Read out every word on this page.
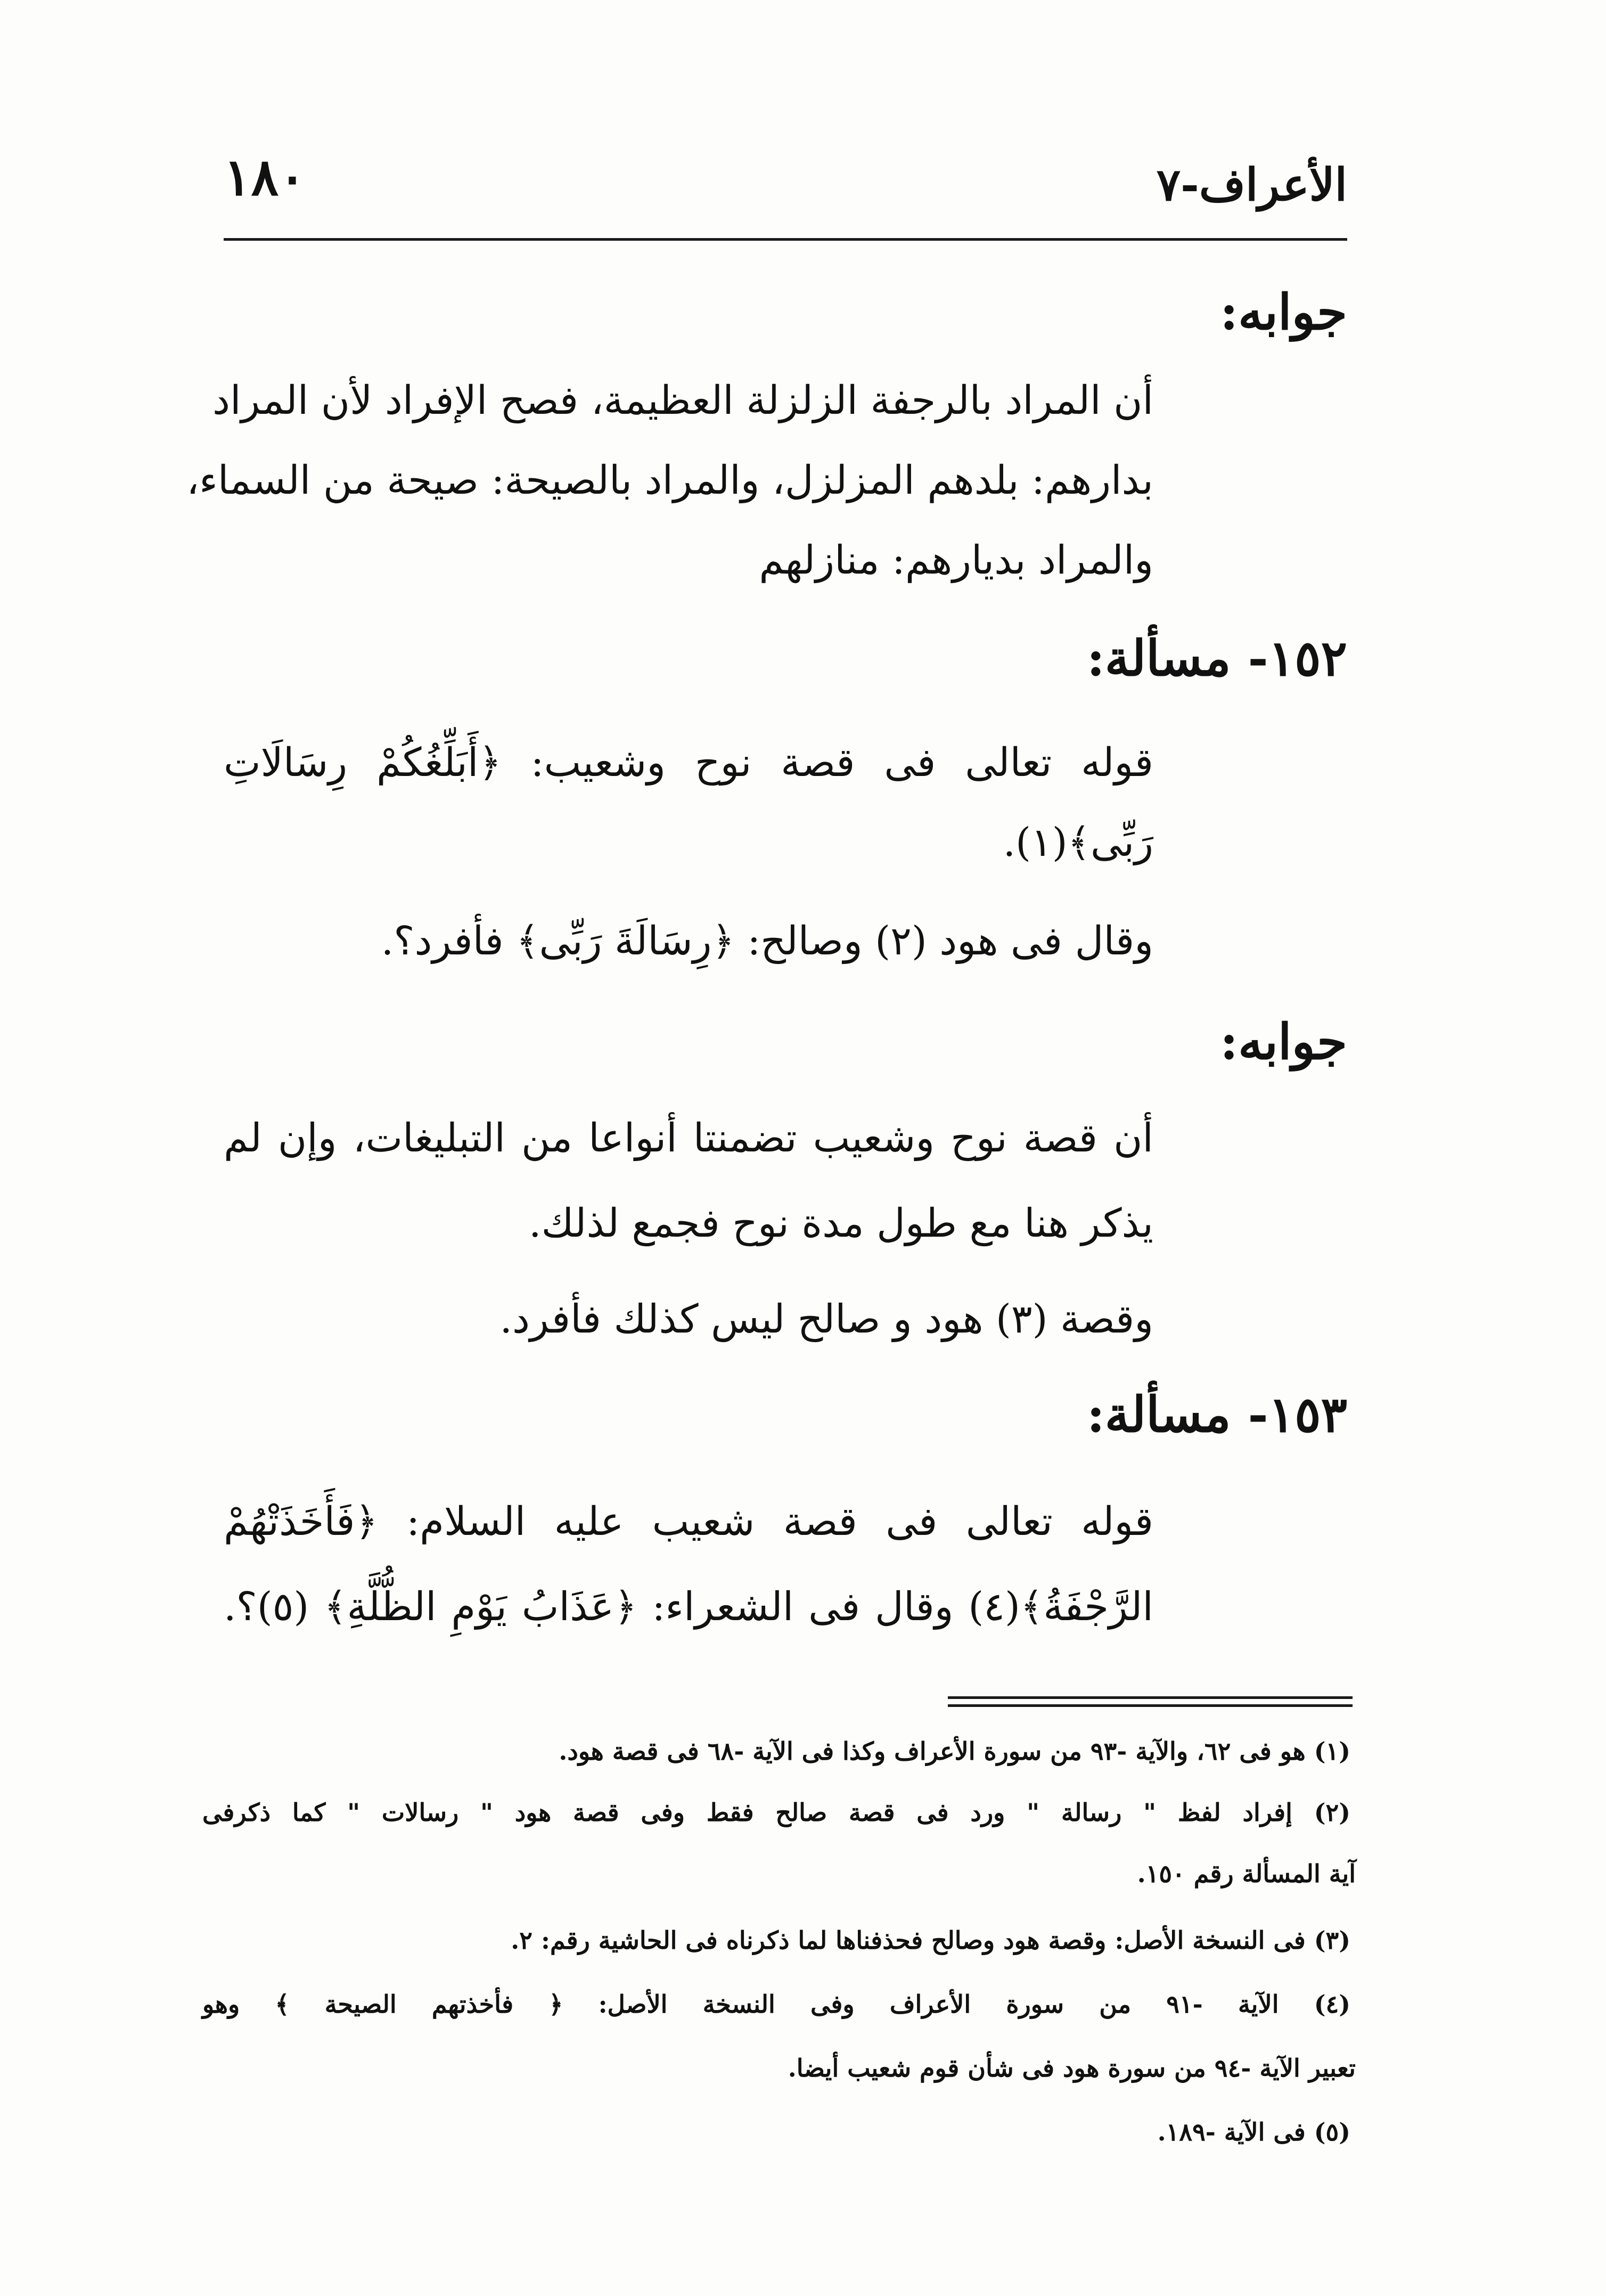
الأعراف-٧
١٨٠
جوابه:
أن المراد بالرجفة الزلزلة العظيمة، فصح الإفراد لأن المراد
بدارهم: بلدهم المزلزل، والمراد بالصيحة: صيحة من السماء،
والمراد بديارهم: منازلهم
١٥٢- مسألة:
قوله تعالى فى قصة نوح وشعيب: ﴿أَبَلِّغُكُمْ رِسَالَاتِ
رَبِّى﴾(١).
وقال فى هود (٢) وصالح: ﴿رِسَالَةَ رَبِّى﴾ فأفرد؟.
جوابه:
أن قصة نوح وشعيب تضمنتا أنواعا من التبليغات، وإن لم
يذكر هنا مع طول مدة نوح فجمع لذلك.
وقصة (٣) هود و صالح ليس كذلك فأفرد.
١٥٣- مسألة:
قوله تعالى فى قصة شعيب عليه السلام: ﴿فَأَخَذَتْهُمْ
الرَّجْفَةُ﴾(٤) وقال فى الشعراء: ﴿عَذَابُ يَوْمِ الظُّلَّةِ﴾ (٥)؟.
(١) هو فى ٦٢، والآية -٩٣ من سورة الأعراف وكذا فى الآية -٦٨ فى قصة هود.
(٢) إفراد لفظ " رسالة " ورد فى قصة صالح فقط وفى قصة هود " رسالات " كما ذكرفى
آية المسألة رقم ١٥٠.
(٣) فى النسخة الأصل: وقصة هود وصالح فحذفناها لما ذكرناه فى الحاشية رقم: ٢.
(٤) الآية -٩١ من سورة الأعراف وفى النسخة الأصل: ﴿ فأخذتهم الصيحة ﴾ وهو
تعبير الآية -٩٤ من سورة هود فى شأن قوم شعيب أيضا.
(٥) فى الآية -١٨٩.
